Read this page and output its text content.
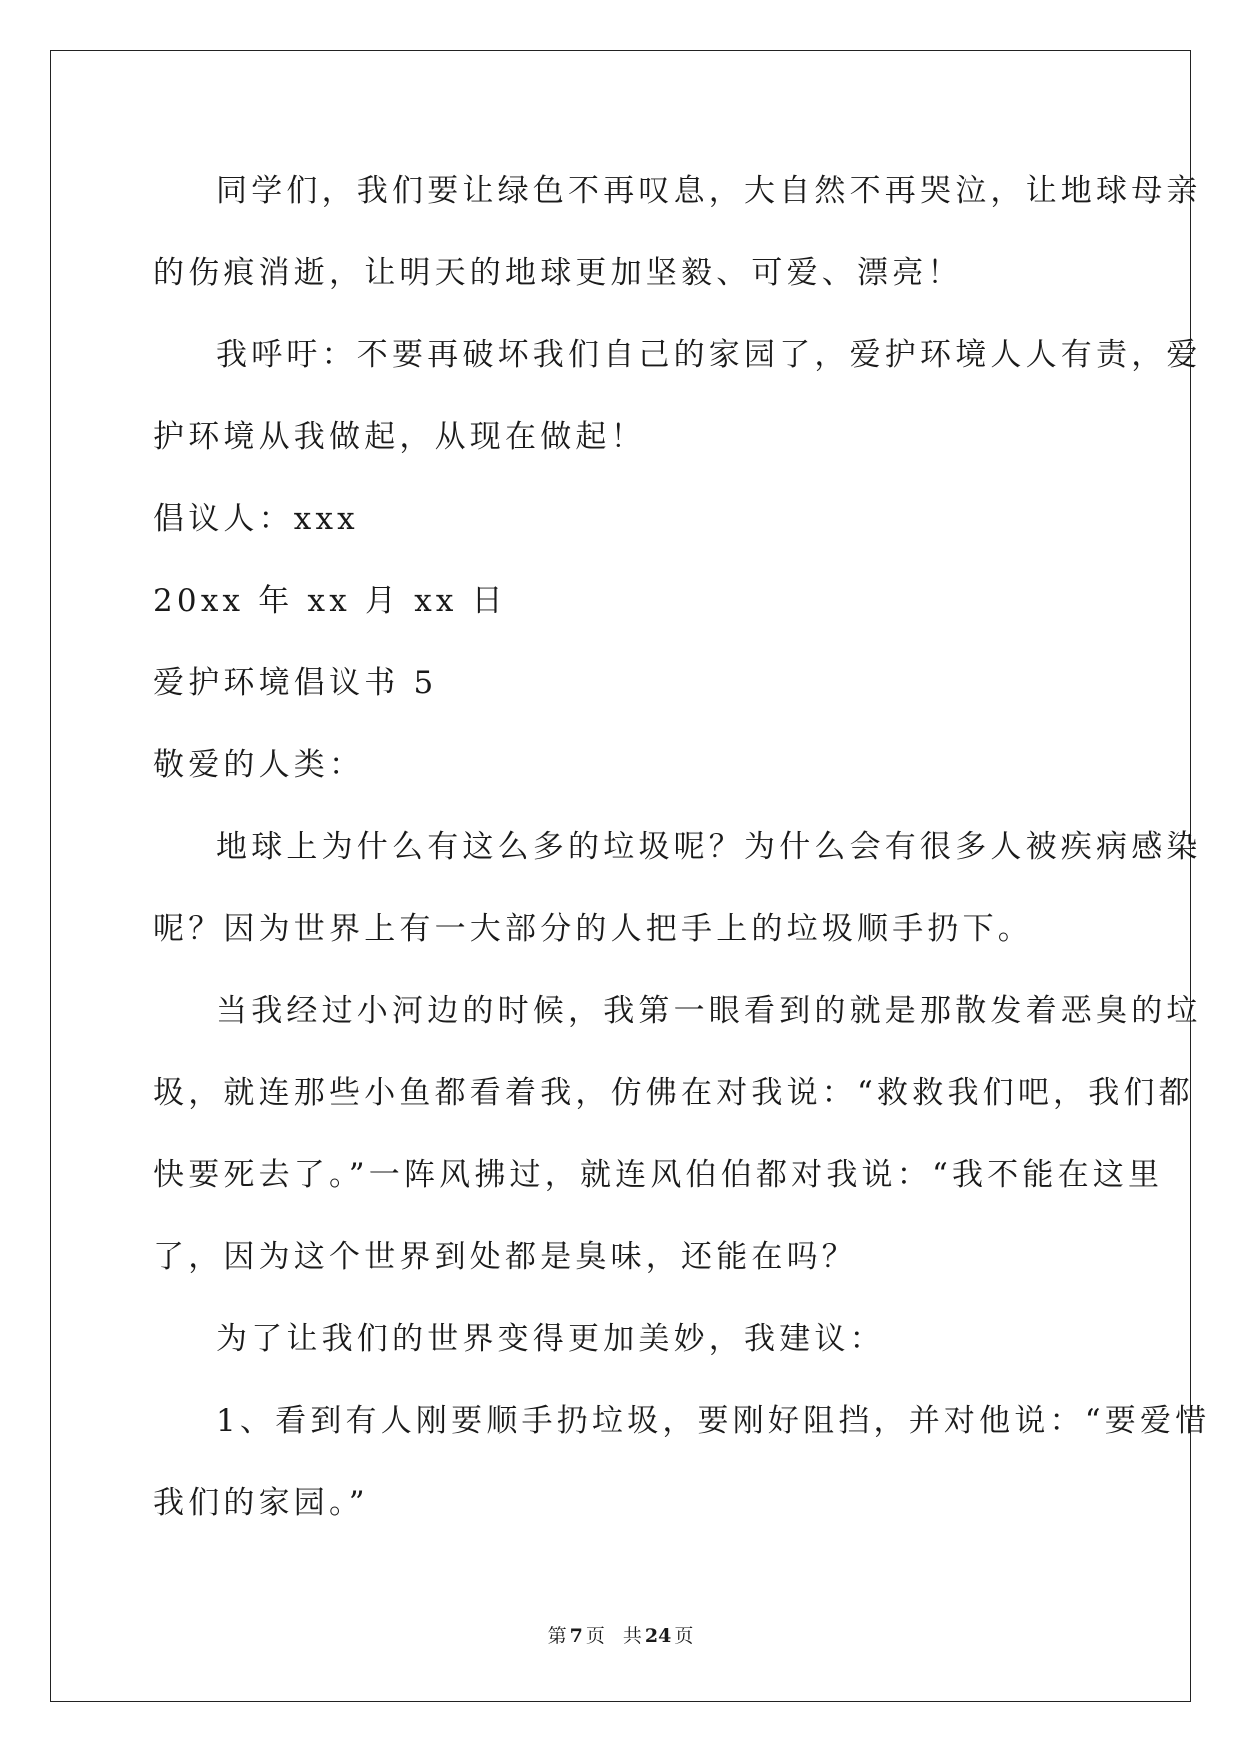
同学们，我们要让绿色不再叹息，大自然不再哭泣，让地球母亲
的伤痕消逝，让明天的地球更加坚毅、可爱、漂亮！
我呼吁：不要再破坏我们自己的家园了，爱护环境人人有责，爱
护环境从我做起，从现在做起！
倡议人：xxx
20xx 年 xx 月 xx 日
爱护环境倡议书 5
敬爱的人类：
地球上为什么有这么多的垃圾呢？为什么会有很多人被疾病感染
呢？因为世界上有一大部分的人把手上的垃圾顺手扔下。
当我经过小河边的时候，我第一眼看到的就是那散发着恶臭的垃
圾，就连那些小鱼都看着我，仿佛在对我说：“救救我们吧，我们都
快要死去了。”一阵风拂过，就连风伯伯都对我说：“我不能在这里
了，因为这个世界到处都是臭味，还能在吗？
为了让我们的世界变得更加美妙，我建议：
1、看到有人刚要顺手扔垃圾，要刚好阻挡，并对他说：“要爱惜
我们的家园。”
第 7 页 共 24 页
